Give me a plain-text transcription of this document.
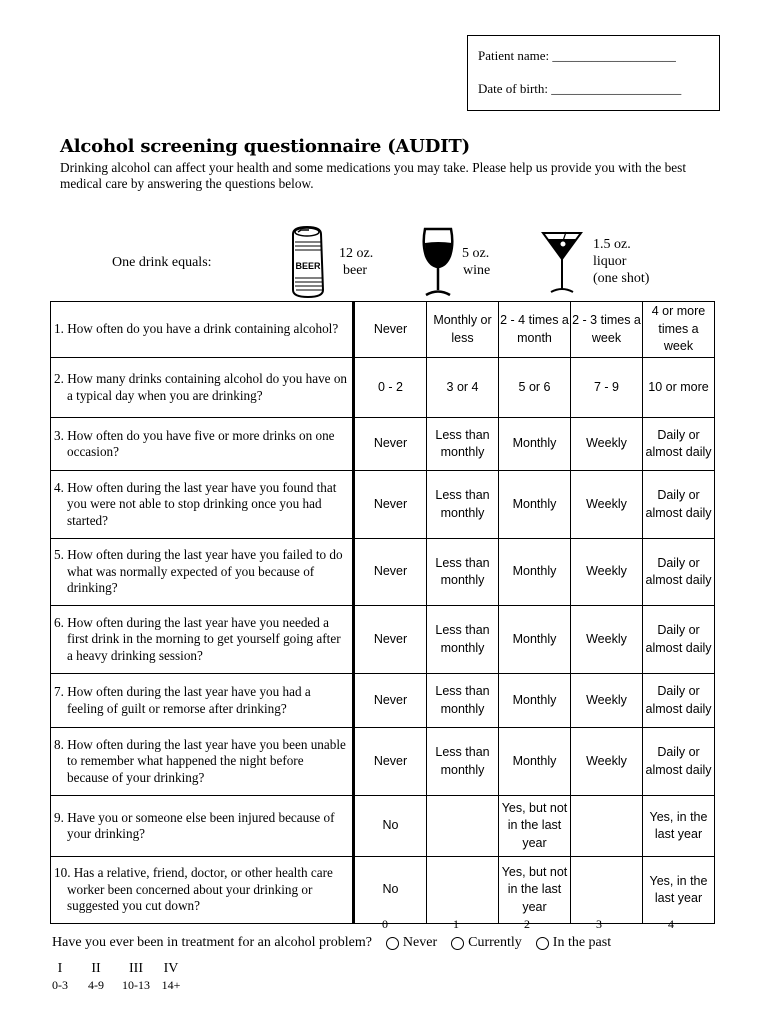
Patient name: ___________________
Date of birth: ____________________
Alcohol screening questionnaire (AUDIT)
Drinking alcohol can affect your health and some medications you may take. Please help us provide you with the best medical care by answering the questions below.
One drink equals:	BEER
12 oz.
beer
5 oz.
wine
1.5 oz.
liquor
(one shot)
1. How often do you have a drink containing alcohol?	Never	Monthly or less	2 - 4 times a month	2 - 3 times a week	4 or more times a week

2. How many drinks containing alcohol do you have on a typical day when you are drinking?	0 - 2	3 or 4	5 or 6	7 - 9	10 or more

3. How often do you have five or more drinks on one occasion?	Never	Less than monthly	Monthly	Weekly	Daily or almost daily

4. How often during the last year have you found that you were not able to stop drinking once you had started?	Never	Less than monthly	Monthly	Weekly	Daily or almost daily

5. How often during the last year have you failed to do what was normally expected of you because of drinking?	Never	Less than monthly	Monthly	Weekly	Daily or almost daily

6. How often during the last year have you needed a first drink in the morning to get yourself going after a heavy drinking session?	Never	Less than monthly	Monthly	Weekly	Daily or almost daily

7. How often during the last year have you had a feeling of guilt or remorse after drinking?	Never	Less than monthly	Monthly	Weekly	Daily or almost daily

8. How often during the last year have you been unable to remember what happened the night before because of your drinking?	Never	Less than monthly	Monthly	Weekly	Daily or almost daily

9. Have you or someone else been injured because of your drinking?	No		Yes, but not in the last year		Yes, in the last year

10. Has a relative, friend, doctor, or other health care worker been concerned about your drinking or suggested you cut down?	No		Yes, but not in the last year		Yes, in the last year
0	1	2	3	4
Have you ever been in treatment for an alcohol problem? Never Currently In the past
I
0-3
II
4-9
III
10-13
IV
14+
